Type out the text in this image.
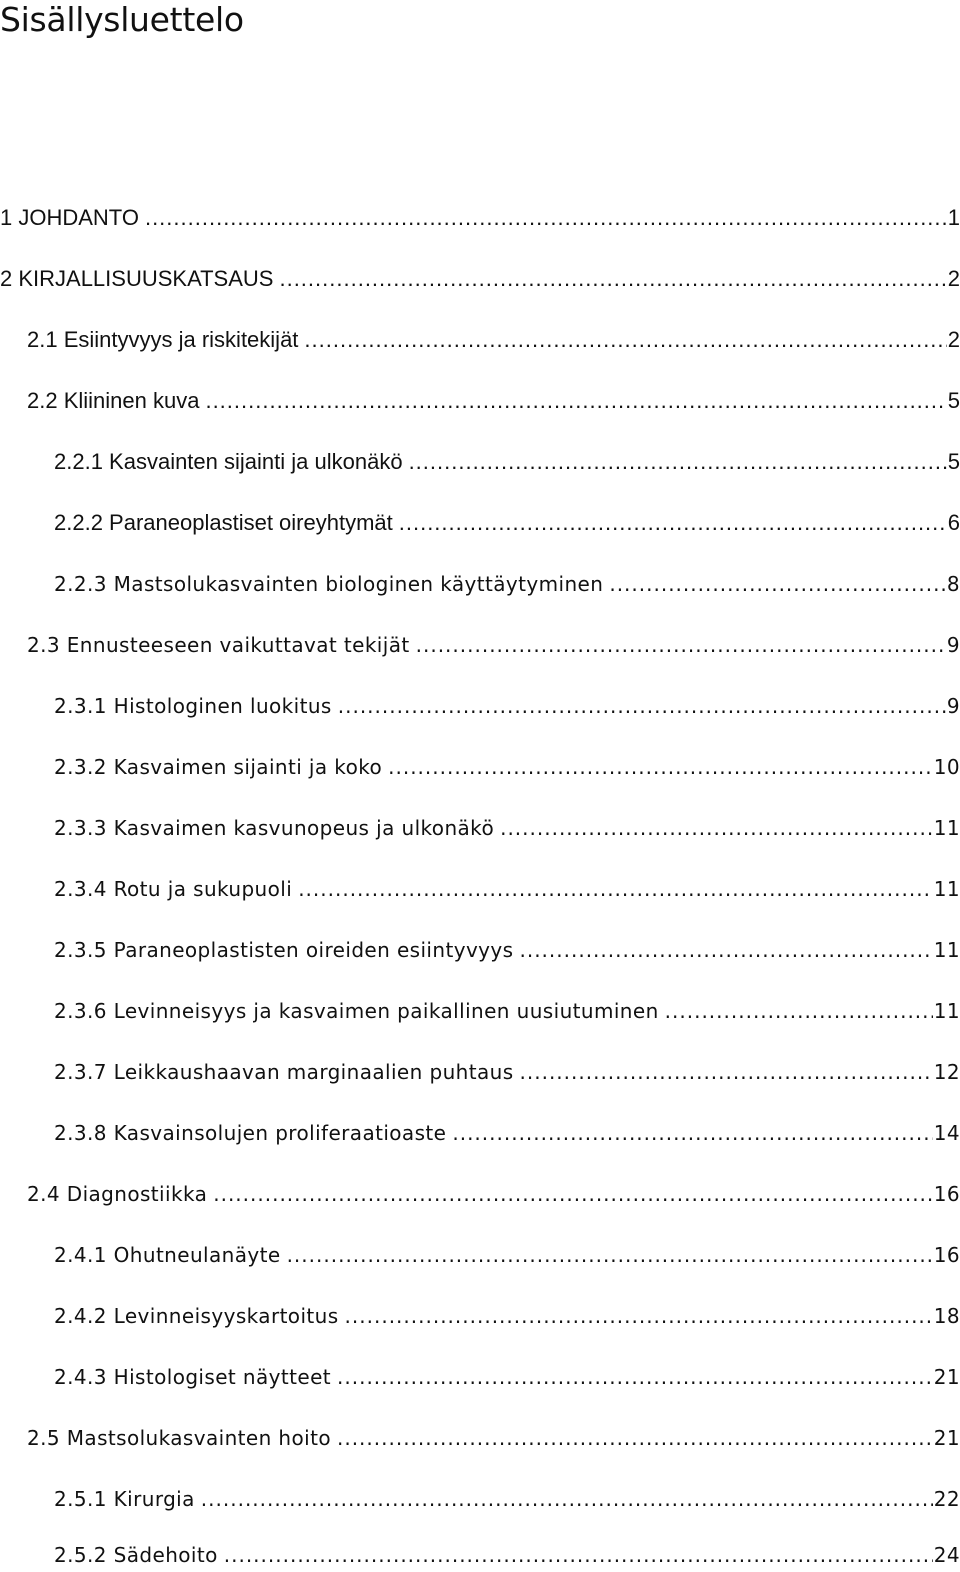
Sisällysluettelo
1 JOHDANTO .....	1
2 KIRJALLISUUSKATSAUS .....	2
2.1 Esiintyvyys ja riskitekijät .....	2
2.2 Kliininen kuva .....	5
2.2.1 Kasvainten sijainti ja ulkonäkö .....	5
2.2.2 Paraneoplastiset oireyhtymät .....	6
2.2.3 Mastsolukasvainten biologinen käyttäytyminen .....	8
2.3 Ennusteeseen vaikuttavat tekijät .....	9
2.3.1 Histologinen luokitus .....	9
2.3.2 Kasvaimen sijainti ja koko .....	10
2.3.3 Kasvaimen kasvunopeus ja ulkonäkö .....	11
2.3.4 Rotu ja sukupuoli .....	11
2.3.5 Paraneoplastisten oireiden esiintyvyys .....	11
2.3.6 Levinneisyys ja kasvaimen paikallinen uusiutuminen .....	11
2.3.7 Leikkaushaavan marginaalien puhtaus .....	12
2.3.8 Kasvainsolujen proliferaatioaste .....	14
2.4 Diagnostiikka .....	16
2.4.1 Ohutneulanäyte .....	16
2.4.2 Levinneisyyskartoitus .....	18
2.4.3 Histologiset näytteet .....	21
2.5 Mastsolukasvainten hoito .....	21
2.5.1 Kirurgia .....	22
2.5.2 Sädehoito .....	24
